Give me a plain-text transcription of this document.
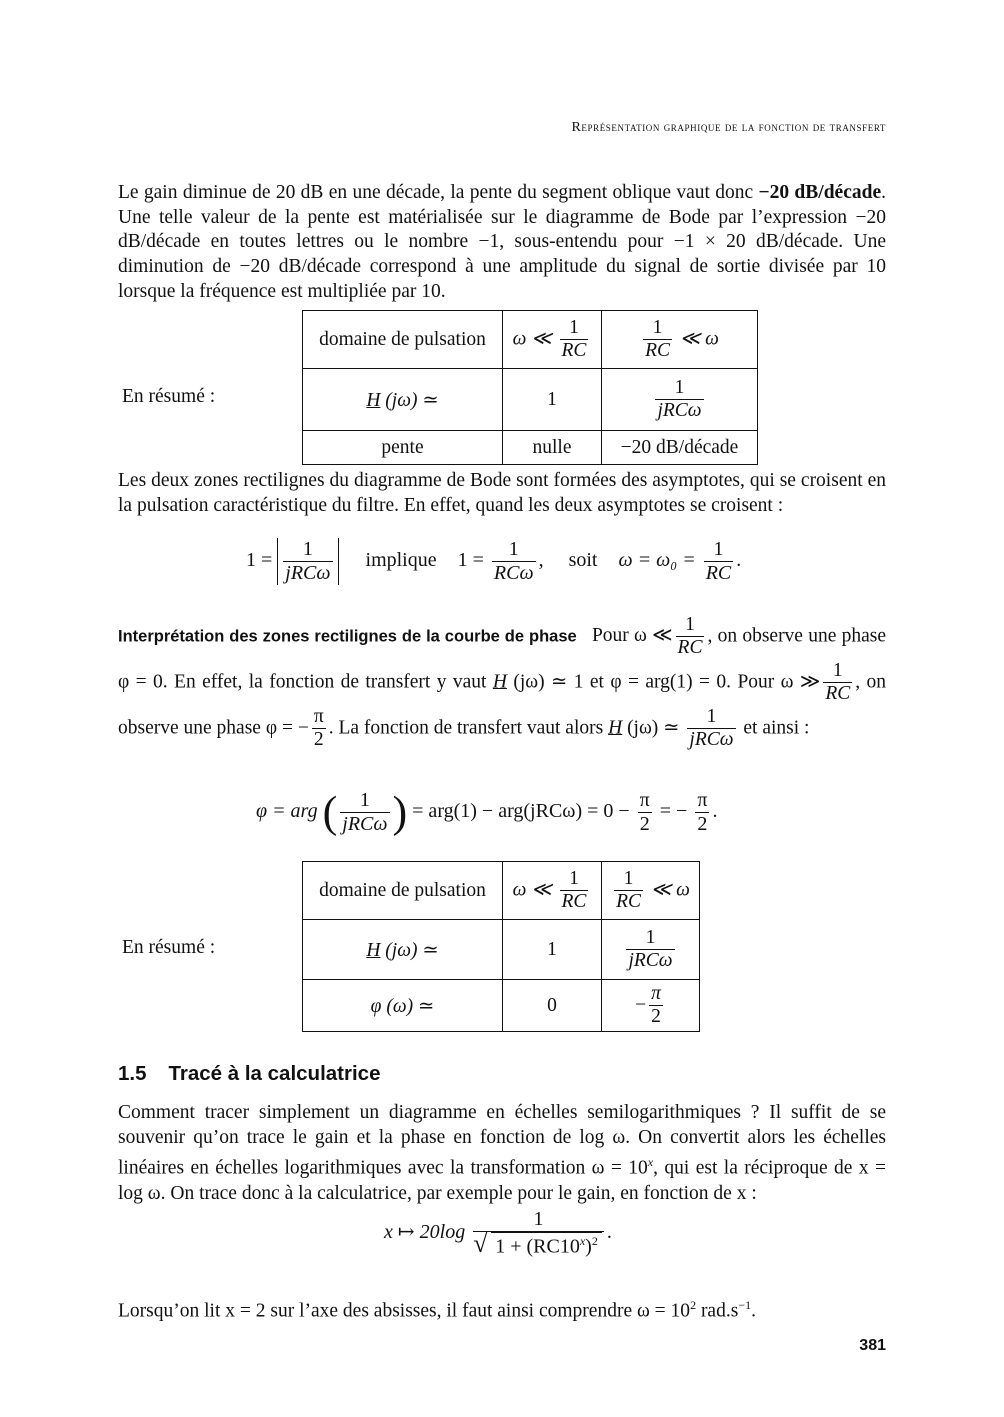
Représentation graphique de la fonction de transfert
Le gain diminue de 20 dB en une décade, la pente du segment oblique vaut donc −20 dB/décade. Une telle valeur de la pente est matérialisée sur le diagramme de Bode par l’expression −20 dB/décade en toutes lettres ou le nombre −1, sous-entendu pour −1 × 20 dB/décade. Une diminution de −20 dB/décade correspond à une amplitude du signal de sortie divisée par 10 lorsque la fréquence est multipliée par 10.
En résumé :
domaine de pulsation	ω ≪ $\frac{1}{RC}$	$\frac{1}{RC}$ ≪ ω
H (jω) ≃	1	$\frac{1}{\text{jRCω}}$

pente	nulle	−20 dB/décade
Les deux zones rectilignes du diagramme de Bode sont formées des asymptotes, qui se croisent en la pulsation caractéristique du filtre. En effet, quand les deux asymptotes se croisent :
$1 = \frac{1}{\text{jRCω}}$ implique $1 = \frac{1}{\text{RCω}}$ , soit $\omega = \omega_0 = \frac{1}{RC}$ .
Interprétation des zones rectilignes de la courbe de phase Pour ω ≪ $\frac{1}{RC}$ , on observe une phase φ = 0. En effet, la fonction de transfert y vaut H (jω) ≃ 1 et φ = arg(1) = 0. Pour ω ≫ $\frac{1}{RC}$ , on observe une phase φ = − $\frac{\pi}{2}$ . La fonction de transfert vaut alors H (jω) ≃ $\frac{1}{\text{jRCω}}$ et ainsi :
φ = arg ( $\frac{1}{\text{jRCω}}$ ) = $arg(1) - arg(jRC\omega) = 0 - \frac{\pi}{2}$ = − $\frac{\pi}{2}$ .
En résumé :
domaine de pulsation	ω ≪ $\frac{1}{RC}$	$\frac{1}{RC}$ ≪ ω
H (jω) ≃	1	$\frac{1}{\text{jRCω}}$

φ (ω) ≃	0	− $\frac{\pi}{2}$
1.5 Tracé à la calculatrice
Comment tracer simplement un diagramme en échelles semilogarithmiques ? Il suffit de se souvenir qu’on trace le gain et la phase en fonction de log ω. On convertit alors les échelles linéaires en échelles logarithmiques avec la transformation $\omega = 10^x$, qui est la réciproque de x = log ω. On trace donc à la calculatrice, par exemple pour le gain, en fonction de x :
x ↦ 20log 1
√ $1 + (RC10^x)^2$ .
Lorsqu’on lit x = 2 sur l’axe des absisses, il faut ainsi comprendre $\omega = 10^2$ $rad.s^{-1}$.
381
